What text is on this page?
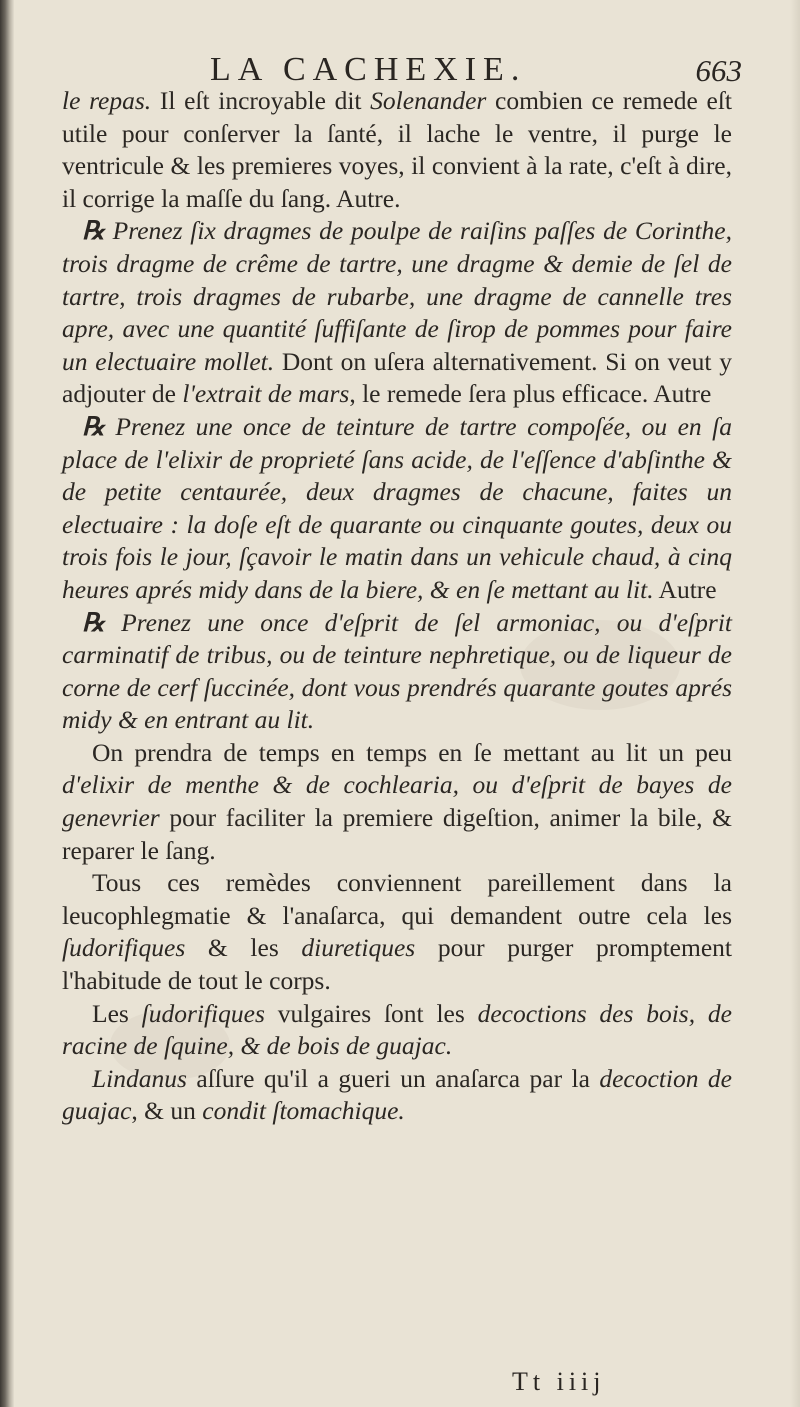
LA CACHEXIE.	663

le repas. Il eſt incroyable dit Solenander combien ce remede eſt utile pour conſerver la ſanté, il lache le ventre, il purge le ventricule & les premieres voyes, il convient à la rate, c'eſt à dire, il corrige la maſſe du ſang. Autre.

℞ Prenez ſix dragmes de poulpe de raiſins paſſes de Corinthe, trois dragme de crême de tartre, une dragme & demie de ſel de tartre, trois dragmes de rubarbe, une dragme de cannelle tres apre, avec une quantité ſuffiſante de ſirop de pommes pour faire un electuaire mollet. Dont on uſera alternativement. Si on veut y adjouter de l'extrait de mars, le remede ſera plus efficace. Autre

℞ Prenez une once de teinture de tartre compoſée, ou en ſa place de l'elixir de proprieté ſans acide, de l'eſſence d'abſinthe & de petite centaurée, deux dragmes de chacune, faites un electuaire : la doſe eſt de quarante ou cinquante goutes, deux ou trois fois le jour, ſçavoir le matin dans un vehicule chaud, à cinq heures aprés midy dans de la biere, & en ſe mettant au lit. Autre

℞ Prenez une once d'eſprit de ſel armoniac, ou d'eſprit carminatif de tribus, ou de teinture nephretique, ou de liqueur de corne de cerf ſuccinée, dont vous prendrés quarante goutes aprés midy & en entrant au lit.

On prendra de temps en temps en ſe mettant au lit un peu d'elixir de menthe & de cochlearia, ou d'eſprit de bayes de genevrier pour faciliter la premiere digeſtion, animer la bile, & reparer le ſang.

Tous ces remèdes conviennent pareillement dans la leucophlegmatie & l'anaſarca, qui demandent outre cela les ſudorifiques & les diuretiques pour purger promptement l'habitude de tout le corps.

Les ſudorifiques vulgaires ſont les decoctions des bois, de racine de ſquine, & de bois de guajac.

Lindanus aſſure qu'il a gueri un anaſarca par la decoction de guajac, & un condit ſtomachique.

Tt iiij
